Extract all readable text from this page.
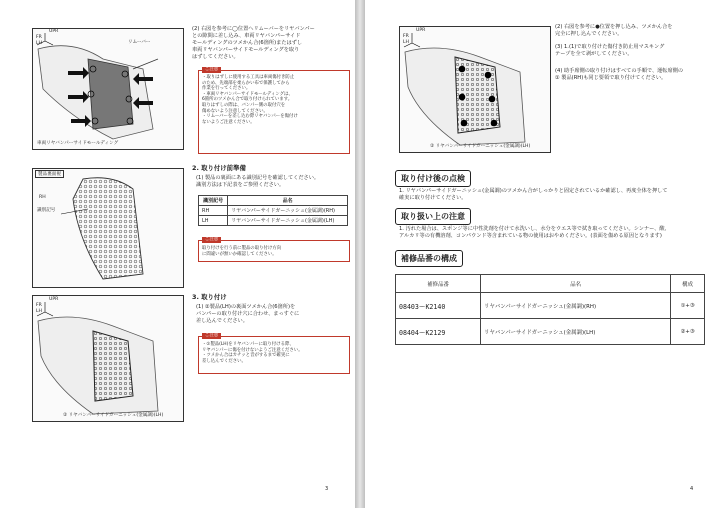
UPR
FR
LH	リムーバー
車両リヤバンパーサイドモールディング
(2) 右図を参考に◯位置へリムーバーをリヤバンパー
との隙間に差し込み、車両リヤバンパーサイド
モールディングのツメかん合(6箇所)またはずし
車両リヤバンパーサイドモールディングを取り
はずしてください。
ご注意
・取りはずしに使用する工具は車両傷付き防止
のため、先端部を柔らかい布で保護してから
作業を行ってください。
・車両リヤバンパーサイドモールディングは、
6箇所のツメかん合で取り付けられています。
取りはずしの際は、バンパー側の取付穴を
傷めないよう注意してください。
・リムーバーを差し込む際リヤバンパーを傷付け
ないようご注意ください。
製品裏面視
RH
識別記号
2. 取り付け前準備
(1) 製品の裏面にある識別記号を確認してください。
識別方法は下記表をご参照ください。
識別記号	品名
RH	リヤバンパーサイドガーニッシュ(金属調)(RH)
LH	リヤバンパーサイドガーニッシュ(金属調)(LH)
ご注意
取り付けを行う前に製品の取り付け方向
に間違いが無いか確認してください。
UPR
FR
LH
② リヤバンパーサイドガーニッシュ(金属調)(LH)
3. 取り付け
(1) ②製品(LH)の裏面ツメかん合(6箇所)を
バンパーの取り付け穴に合わせ、まっすぐに
差し込んでください。
ご注意
・②製品(LH)をリヤバンパーに取り付ける際、
リヤバンパーに傷を付けないようご注意ください。
・ツメかん合はカチッと音がするまで確実に
差し込んでください。
3
UPR
FR
LH
② リヤバンパーサイドガーニッシュ(金属調)(LH)
(2) 右図を参考に●位置を押し込み、ツメかん合を
完全に押し込んでください。
(3) 1.(1)で取り付けた傷付き防止用マスキング
テープを全て剥がしてください。
(4) 助手席側の取り付けはすべての手順で、運転席側の
① 製品(RH)も同じ要領で取り付けてください。
取り付け後の点検
1. リヤバンパーサイドガーニッシュ(金属調)のツメかん合がしっかりと固定されているか確認し、再度全体を押して
確実に取り付けてください。
取り扱い上の注意
1. 汚れた場合は、スポンジ等に中性洗剤を付けて水洗いし、水分をウエス等で拭き取ってください。シンナー、酸、
アルカリ等の有機溶剤、コンパウンド等含まれている物の使用はおやめください。(表面を傷める原因となります)
補修品番の構成
補修品番	品名	構成
08403ーK2140	リヤバンパーサイドガーニッシュ(金属調)(RH)	①+③
08404ーK2129	リヤバンパーサイドガーニッシュ(金属調)(LH)	②+③
4
